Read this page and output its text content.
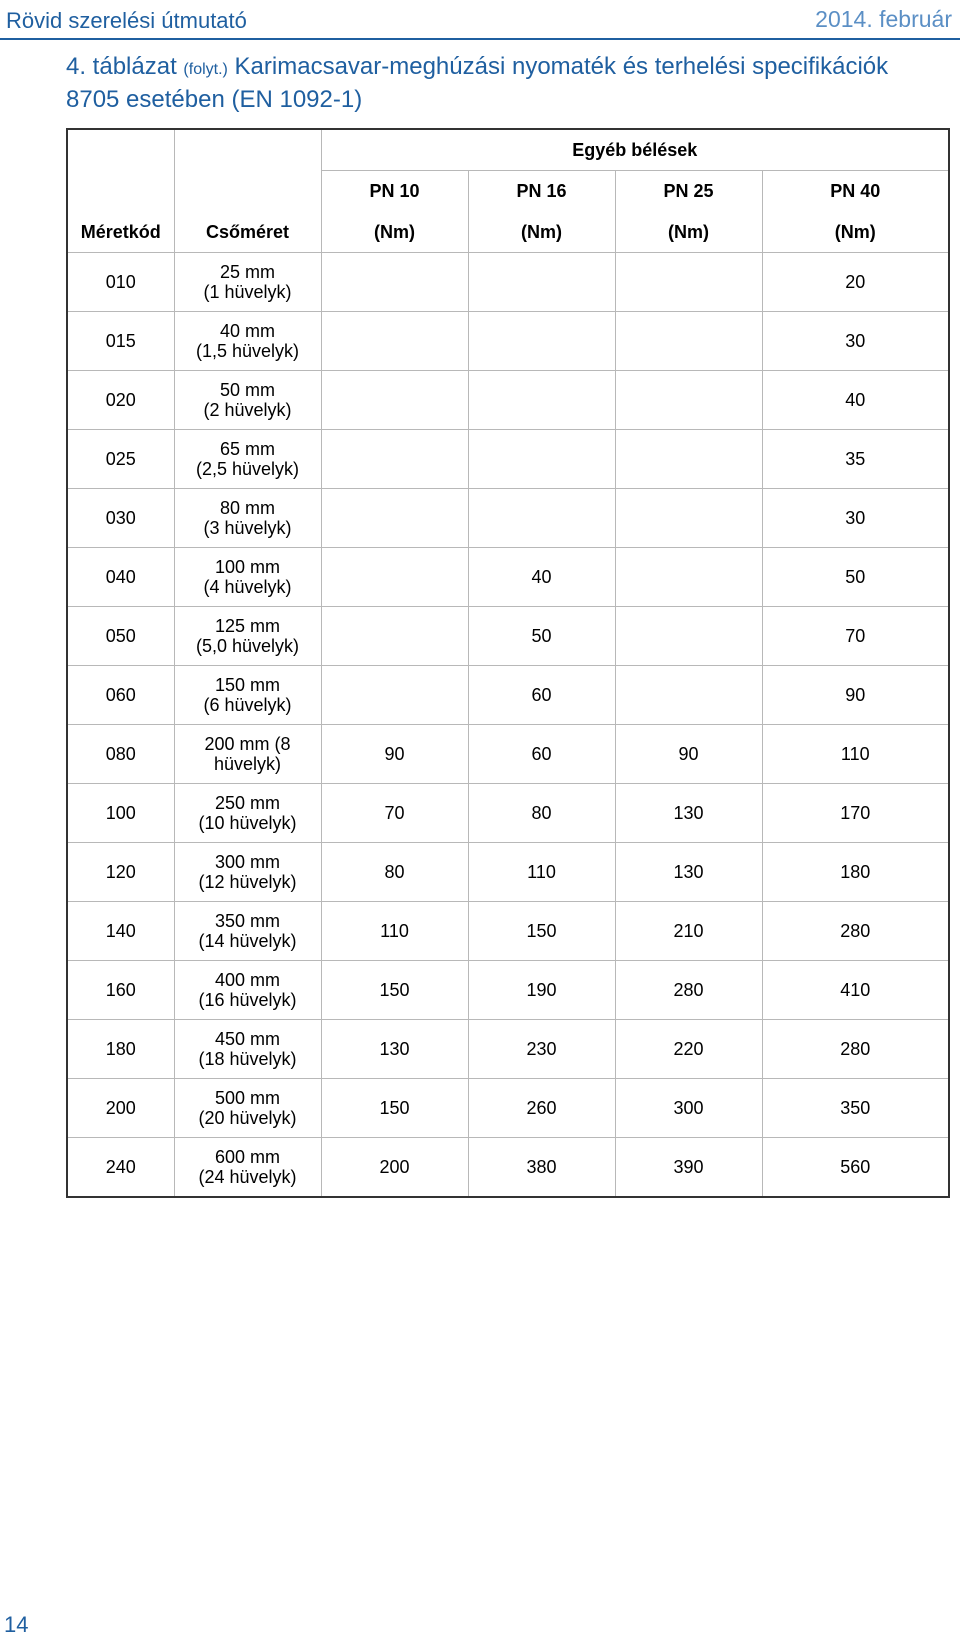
Rövid szerelési útmutató	2014. február
4. táblázat (folyt.) Karimacsavar-meghúzási nyomaték és terhelési specifikációk 8705 esetében (EN 1092-1)
		Egyéb bélések			
		PN 10	PN 16	PN 25	PN 40
Méretkód	Csőméret	(Nm)	(Nm)	(Nm)	(Nm)
010	25 mm
(1 hüvelyk)				20
015	40 mm
(1,5 hüvelyk)				30
020	50 mm
(2 hüvelyk)				40
025	65 mm
(2,5 hüvelyk)				35
030	80 mm
(3 hüvelyk)				30
040	100 mm
(4 hüvelyk)		40		50
050	125 mm
(5,0 hüvelyk)		50		70
060	150 mm
(6 hüvelyk)		60		90
080	200 mm (8
hüvelyk)	90	60	90	110
100	250 mm
(10 hüvelyk)	70	80	130	170
120	300 mm
(12 hüvelyk)	80	110	130	180
140	350 mm
(14 hüvelyk)	110	150	210	280
160	400 mm
(16 hüvelyk)	150	190	280	410
180	450 mm
(18 hüvelyk)	130	230	220	280
200	500 mm
(20 hüvelyk)	150	260	300	350
240	600 mm
(24 hüvelyk)	200	380	390	560
14
